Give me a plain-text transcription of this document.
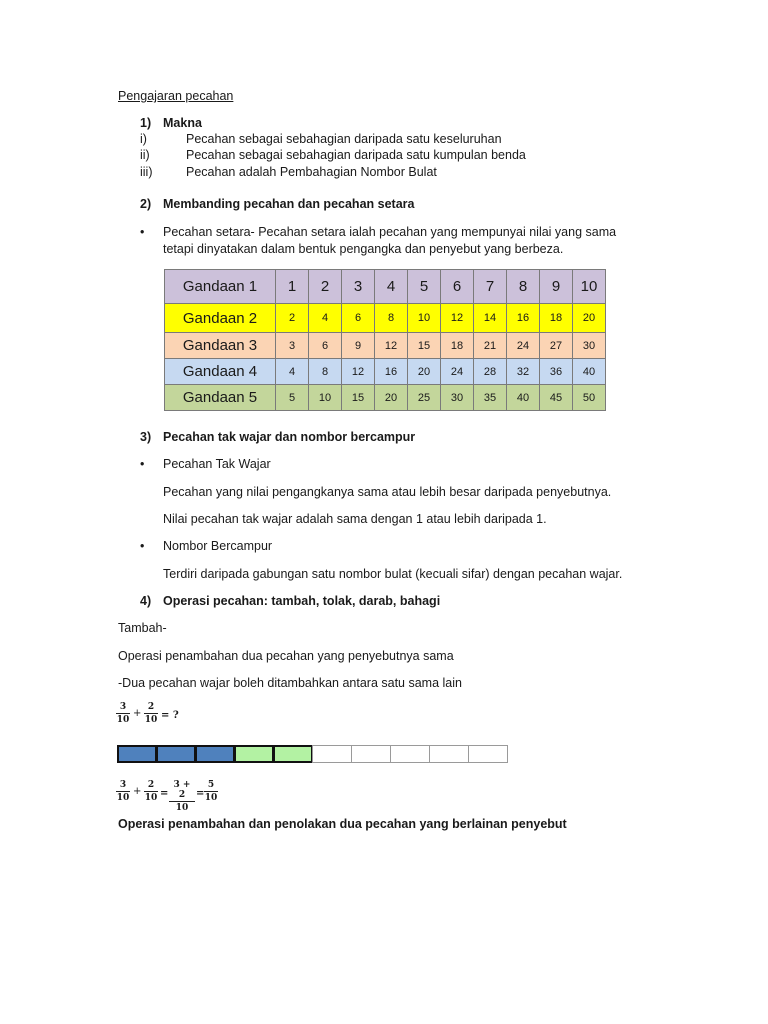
Pengajaran pecahan
1) Makna
i)	Pecahan sebagai sebahagian daripada satu keseluruhan
ii)	Pecahan sebagai sebahagian daripada satu kumpulan benda
iii)	Pecahan adalah Pembahagian Nombor Bulat
2) Membanding pecahan dan pecahan setara
• Pecahan setara- Pecahan setara ialah pecahan yang mempunyai nilai yang sama
tetapi dinyatakan dalam bentuk pengangka dan penyebut yang berbeza.
Gandaan 1	1	2	3	4	5	6	7	8	9	10
Gandaan 2	2	4	6	8	10	12	14	16	18	20
Gandaan 3	3	6	9	12	15	18	21	24	27	30
Gandaan 4	4	8	12	16	20	24	28	32	36	40
Gandaan 5	5	10	15	20	25	30	35	40	45	50
3) Pecahan tak wajar dan nombor bercampur
• Pecahan Tak Wajar
Pecahan yang nilai pengangkanya sama atau lebih besar daripada penyebutnya.
Nilai pecahan tak wajar adalah sama dengan 1 atau lebih daripada 1.
• Nombor Bercampur
Terdiri daripada gabungan satu nombor bulat (kecuali sifar) dengan pecahan wajar.
4) Operasi pecahan: tambah, tolak, darab, bahagi
Tambah-
Operasi penambahan dua pecahan yang penyebutnya sama
-Dua pecahan wajar boleh ditambahkan antara satu sama lain
3
10
+
2
10 = ?
3
10
+
2
10 =
3 + 2
10
=
5
10
Operasi penambahan dan penolakan dua pecahan yang berlainan penyebut
